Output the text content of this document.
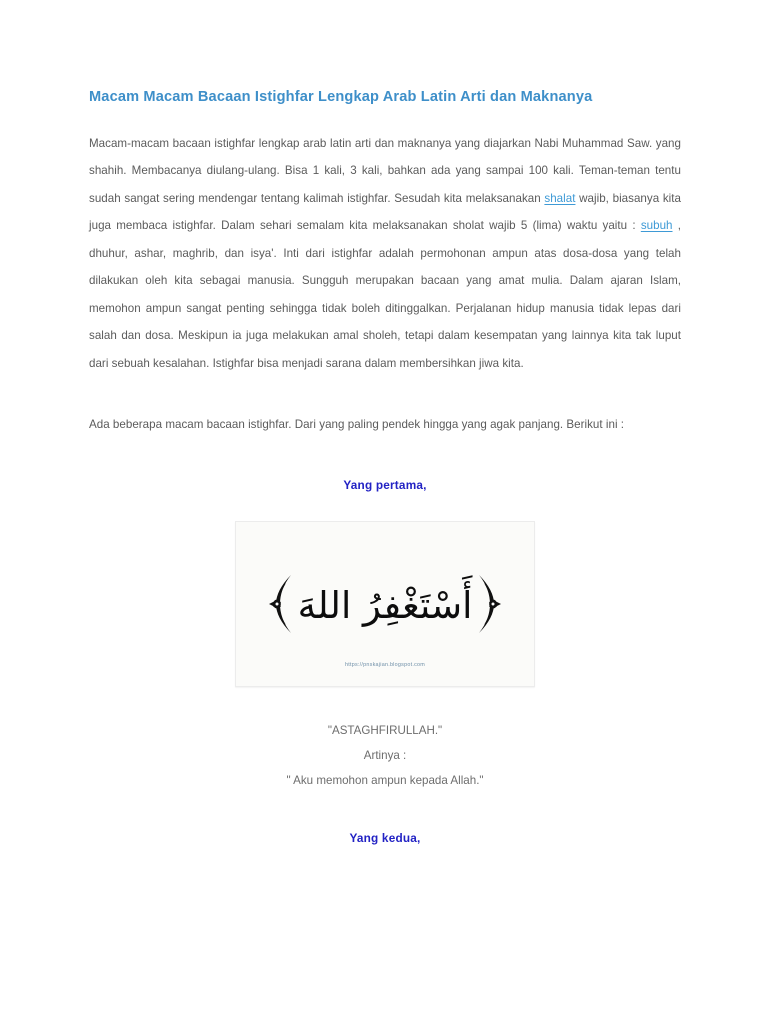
Macam Macam Bacaan Istighfar Lengkap Arab Latin Arti dan Maknanya

Macam-macam bacaan istighfar lengkap arab latin arti dan maknanya yang diajarkan Nabi Muhammad Saw. yang shahih. Membacanya diulang-ulang. Bisa 1 kali, 3 kali, bahkan ada yang sampai 100 kali. Teman-teman tentu sudah sangat sering mendengar tentang kalimah istighfar. Sesudah kita melaksanakan shalat wajib, biasanya kita juga membaca istighfar. Dalam sehari semalam kita melaksanakan sholat wajib 5 (lima) waktu yaitu : subuh , dhuhur, ashar, maghrib, dan isya'. Inti dari istighfar adalah permohonan ampun atas dosa-dosa yang telah dilakukan oleh kita sebagai manusia. Sungguh merupakan bacaan yang amat mulia. Dalam ajaran Islam, memohon ampun sangat penting sehingga tidak boleh ditinggalkan. Perjalanan hidup manusia tidak lepas dari salah dan dosa. Meskipun ia juga melakukan amal sholeh, tetapi dalam kesempatan yang lainnya kita tak luput dari sebuah kesalahan. Istighfar bisa menjadi sarana dalam membersihkan jiwa kita.

Ada beberapa macam bacaan istighfar. Dari yang paling pendek hingga yang agak panjang. Berikut ini :

Yang pertama,

أَسْتَغْفِرُ اللهَ
https://pnskajian.blogspot.com
"ASTAGHFIRULLAH."
Artinya :
" Aku memohon ampun kepada Allah."

Yang kedua,
